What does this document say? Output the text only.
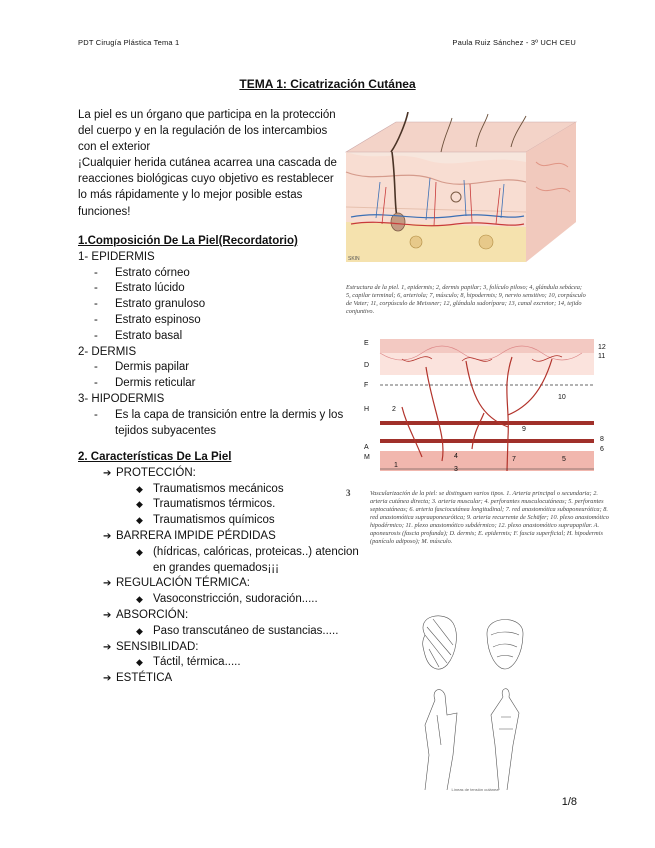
PDT Cirugía Plástica Tema 1	Paula Ruiz Sánchez - 3º UCH CEU
TEMA 1: Cicatrización Cutánea

La piel es un órgano que participa en la protección del cuerpo y en la regulación de los intercambios con el exterior

¡Cualquier herida cutánea acarrea una cascada de reacciones biológicas cuyo objetivo es restablecer lo más rápidamente y lo mejor posible estas funciones!

1.Composición De La Piel(Recordatorio)
1- EPIDERMIS
-	Estrato córneo
-	Estrato lúcido
-	Estrato granuloso
-	Estrato espinoso
-	Estrato basal
2- DERMIS
-	Dermis papilar
-	Dermis reticular
3- HIPODERMIS
-	Es la capa de transición entre la dermis y los tejidos subyacentes
2. Características De La Piel
➔ PROTECCIÓN:
◆ Traumatismos mecánicos
◆ Traumatismos térmicos.
◆ Traumatismos químicos
➔ BARRERA IMPIDE PÉRDIDAS
◆ (hídricas, calóricas, proteicas..) atencion en grandes quemados¡¡¡
➔ REGULACIÓN TÉRMICA:
◆ Vasoconstricción, sudoración.....
➔ ABSORCIÓN:
◆ Paso transcutáneo de sustancias.....
➔ SENSIBILIDAD:
◆ Táctil, térmica.....
➔ ESTÉTICA
SKIN
Estructura de la piel. 1, epidermis; 2, dermis papilar; 3, folículo piloso; 4, glándula sebácea; 5, capilar terminal; 6, arteriola; 7, músculo; 8, hipodermis; 9, nervio sensitivo; 10, corpúsculo de Vater; 11, corpúsculo de Meissner; 12, glándula sudorípara; 13, canal excretor; 14, tejido conjuntivo.
E
D
F
H
A
M
12
11
10
2
9
8
6
7
4	5
3
1
3	Vascularización de la piel: se distinguen varios tipos. 1. Arteria principal o secundaria; 2. arteria cutánea directa; 3. arteria muscular; 4. perforantes musculocutáneas; 5. perforantes septocutáneas; 6. arteria fasciocutánea longitudinal; 7. red anastomótica subaponeurótica; 8. red anastomótica supraaponeurótica; 9. arteria recurrente de Schäfer; 10. plexo anastomótico hipodérmico; 11. plexo anastomótico subdérmico; 12. plexo anastomótico suprapapilar. A. aponeurosis (fascia profunda); D. dermis; E. epidermis; F. fascia superficial; H. hipodermis (panículo adiposo); M. músculo.
Líneas de tensión cutánea
1/8
